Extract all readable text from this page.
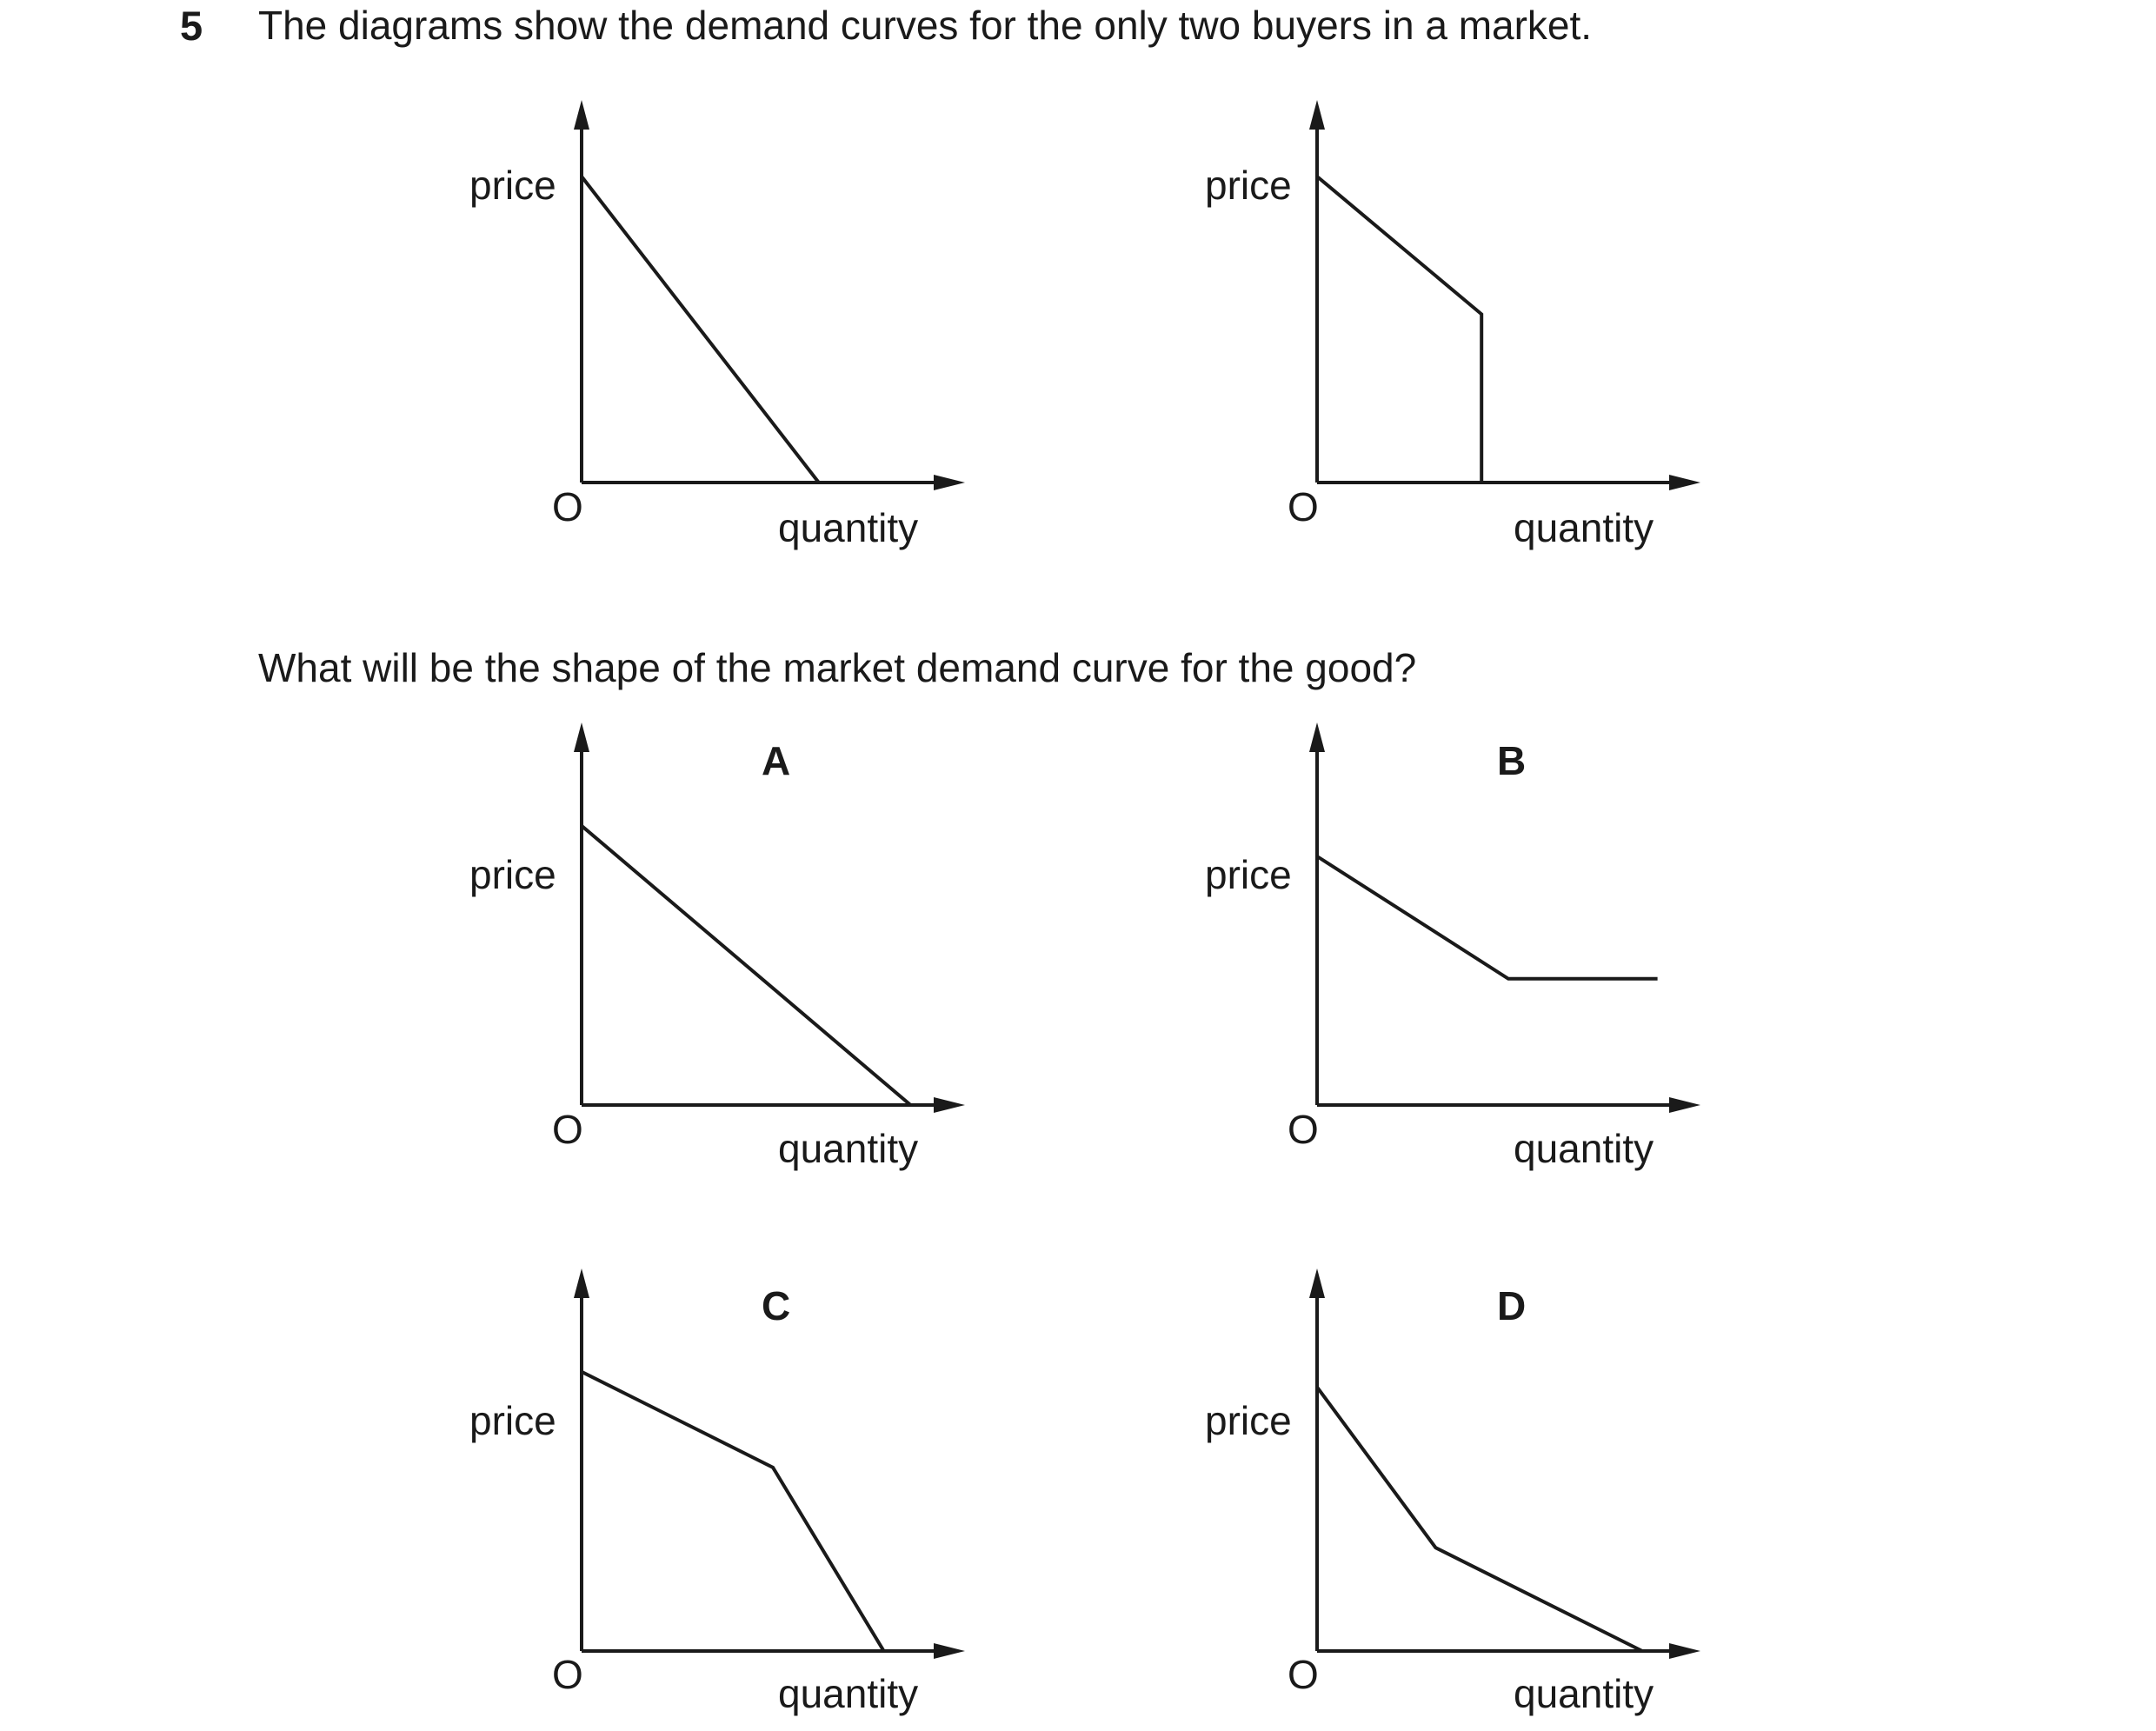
5 The diagrams show the demand curves for the only two buyers in a market.
What will be the shape of the market demand curve for the good?
price
O	quantity
price
O	quantity
A
price
O	quantity
B
price
O	quantity
C
price
O	quantity
D
price
O	quantity
